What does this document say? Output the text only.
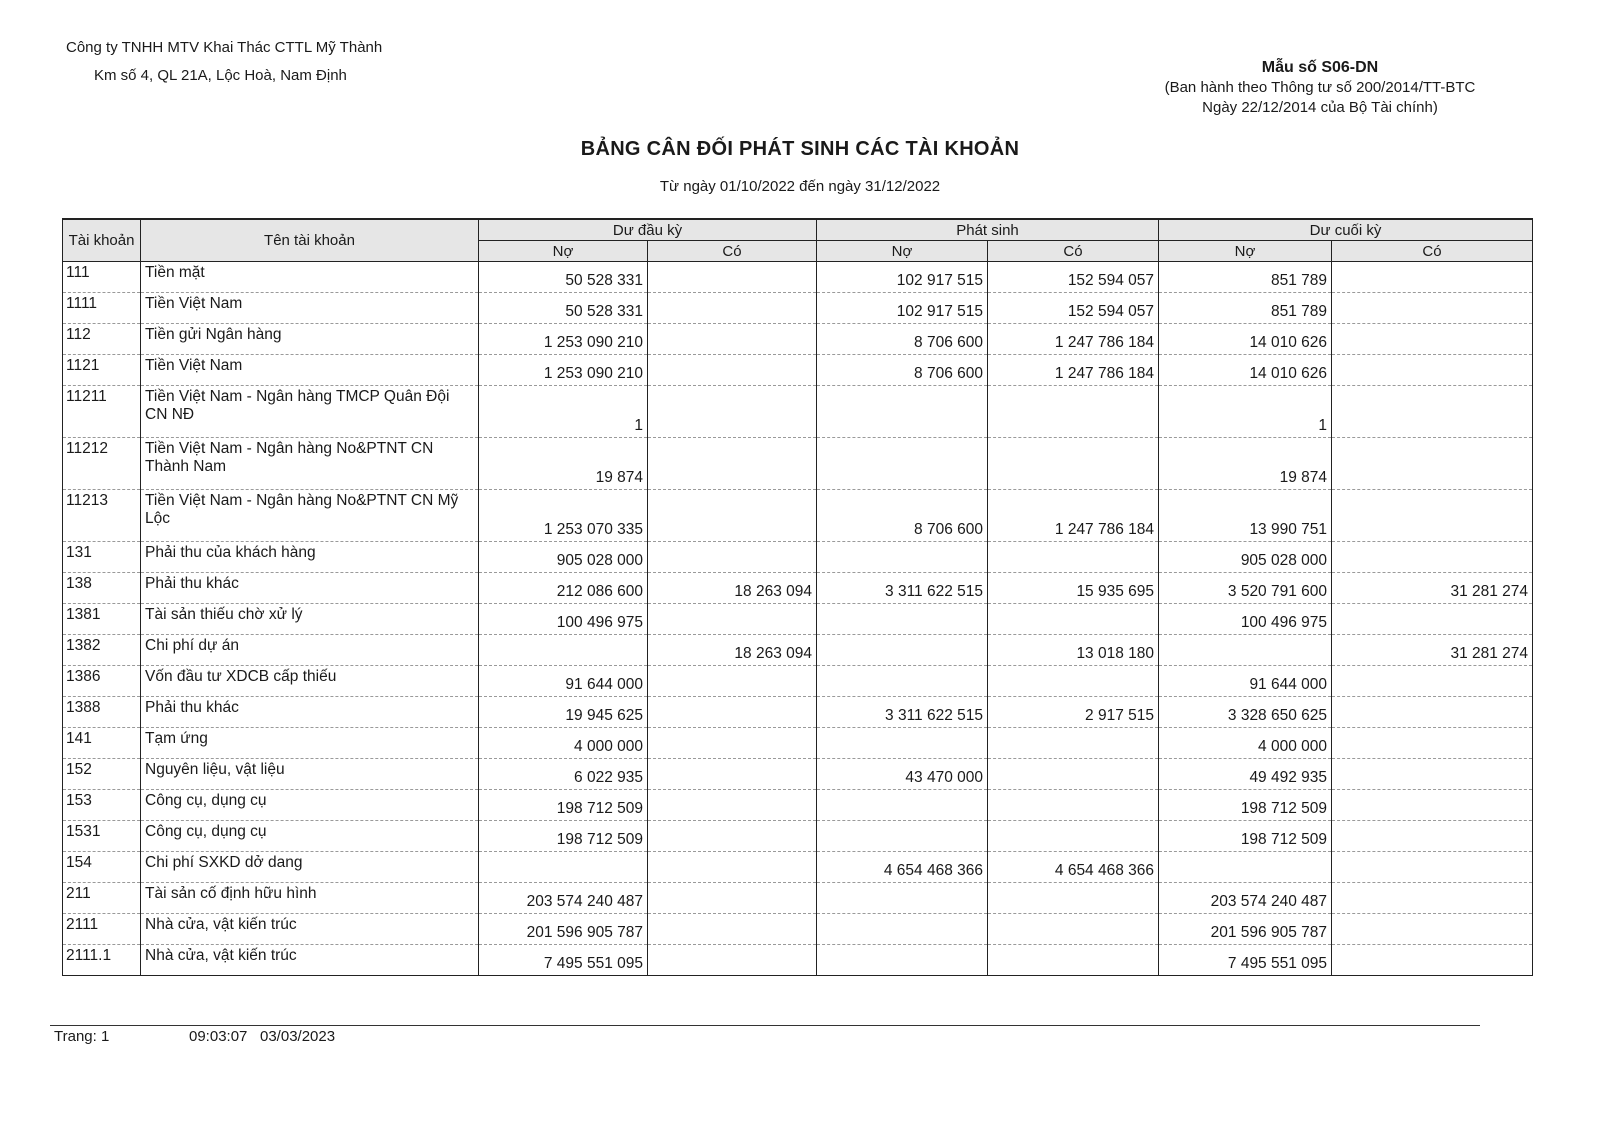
Công ty TNHH MTV Khai Thác CTTL Mỹ Thành
Km số 4, QL 21A, Lộc Hoà, Nam Định	Mẫu số S06-DN
(Ban hành theo Thông tư số 200/2014/TT-BTC
Ngày 22/12/2014 của Bộ Tài chính)
BẢNG CÂN ĐỐI PHÁT SINH CÁC TÀI KHOẢN
Từ ngày 01/10/2022 đến ngày 31/12/2022
Tài khoản	Tên tài khoản	Dư đầu kỳ		Phát sinh		Dư cuối kỳ	
		Nợ	Có	Nợ	Có	Nợ	Có
111	Tiền mặt	50 528 331		102 917 515	152 594 057	851 789	
1111	Tiền Việt Nam	50 528 331		102 917 515	152 594 057	851 789	
112	Tiền gửi Ngân hàng	1 253 090 210		8 706 600	1 247 786 184	14 010 626	
1121	Tiền Việt Nam	1 253 090 210		8 706 600	1 247 786 184	14 010 626	
11211	Tiền Việt Nam - Ngân hàng TMCP Quân Đội CN NĐ	1				1	
11212	Tiền Việt Nam - Ngân hàng No&PTNT CN Thành Nam	19 874				19 874	
11213	Tiền Việt Nam - Ngân hàng No&PTNT CN Mỹ Lộc	1 253 070 335		8 706 600	1 247 786 184	13 990 751	
131	Phải thu của khách hàng	905 028 000				905 028 000	
138	Phải thu khác	212 086 600	18 263 094	3 311 622 515	15 935 695	3 520 791 600	31 281 274
1381	Tài sản thiếu chờ xử lý	100 496 975				100 496 975	
1382	Chi phí dự án		18 263 094		13 018 180		31 281 274
1386	Vốn đầu tư XDCB cấp thiếu	91 644 000				91 644 000	
1388	Phải thu khác	19 945 625		3 311 622 515	2 917 515	3 328 650 625	
141	Tạm ứng	4 000 000				4 000 000	
152	Nguyên liệu, vật liệu	6 022 935		43 470 000		49 492 935	
153	Công cụ, dụng cụ	198 712 509				198 712 509	
1531	Công cụ, dụng cụ	198 712 509				198 712 509	
154	Chi phí SXKD dở dang			4 654 468 366	4 654 468 366		
211	Tài sản cố định hữu hình	203 574 240 487				203 574 240 487	
2111	Nhà cửa, vật kiến trúc	201 596 905 787				201 596 905 787	
2111.1	Nhà cửa, vật kiến trúc	7 495 551 095				7 495 551 095	
Trang: 1	09:03:07 03/03/2023
